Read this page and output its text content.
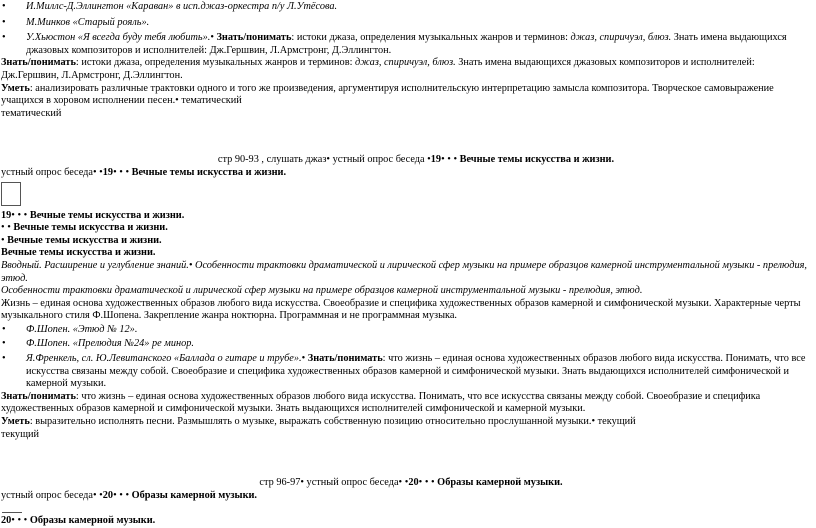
• И.Миллс-Д.Эллингтон «Караван» в исп.джаз-оркестра п/у Л.Утёсова.
• М.Минков «Старый рояль».
• У.Хьюстон «Я всегда буду тебя любить».• Знать/понимать: истоки джаза, определения музыкальных жанров и терминов: джаз, спиричуэл, блюз. Знать имена выдающихся джазовых композиторов и исполнителей: Дж.Гершвин, Л.Армстронг, Д.Эллингтон.
Знать/понимать: истоки джаза, определения музыкальных жанров и терминов: джаз, спиричуэл, блюз. Знать имена выдающихся джазовых композиторов и исполнителей: Дж.Гершвин, Л.Армстронг, Д.Эллингтон.
Уметь: анализировать различные трактовки одного и того же произведения, аргументируя исполнительскую интерпретацию замысла композитора. Творческое самовыражение учащихся в хоровом исполнении песен.• тематический
тематический
стр 90-93 , слушать джаз• устный опрос беседа •19• • • Вечные темы искусства и жизни.
устный опрос беседа• •19• • • Вечные темы искусства и жизни.
19• • • Вечные темы искусства и жизни.
• • Вечные темы искусства и жизни.
• Вечные темы искусства и жизни.
Вечные темы искусства и жизни.
Вводный. Расширение и углубление знаний.• Особенности трактовки драматической и лирической сфер музыки на примере образцов камерной инструментальной музыки - прелюдия, этюд.
Особенности трактовки драматической и лирической сфер музыки на примере образцов камерной инструментальной музыки - прелюдия, этюд.
Жизнь – единая основа художественных образов любого вида искусства. Своеобразие и специфика художественных образов камерной и симфонической музыки. Характерные черты музыкального стиля Ф.Шопена. Закрепление жанра ноктюрна. Программная и не программная музыка.
• Ф.Шопен. «Этюд № 12».
• Ф.Шопен. «Прелюдия №24» ре минор.
• Я.Френкель, сл. Ю.Левитанского «Баллада о гитаре и трубе».• Знать/понимать: что жизнь – единая основа художественных образов любого вида искусства. Понимать, что все искусства связаны между собой. Своеобразие и специфика художественных образов камерной и симфонической музыки. Знать выдающихся исполнителей симфонической и камерной музыки.
Знать/понимать: что жизнь – единая основа художественных образов любого вида искусства. Понимать, что все искусства связаны между собой. Своеобразие и специфика художественных образов камерной и симфонической музыки. Знать выдающихся исполнителей симфонической и камерной музыки.
Уметь: выразительно исполнять песни. Размышлять о музыке, выражать собственную позицию относительно прослушанной музыки.• текущий
текущий
стр 96-97• устный опрос беседа• •20• • • Образы камерной музыки.
устный опрос беседа• •20• • • Образы камерной музыки.
20• • • Образы камерной музыки.
